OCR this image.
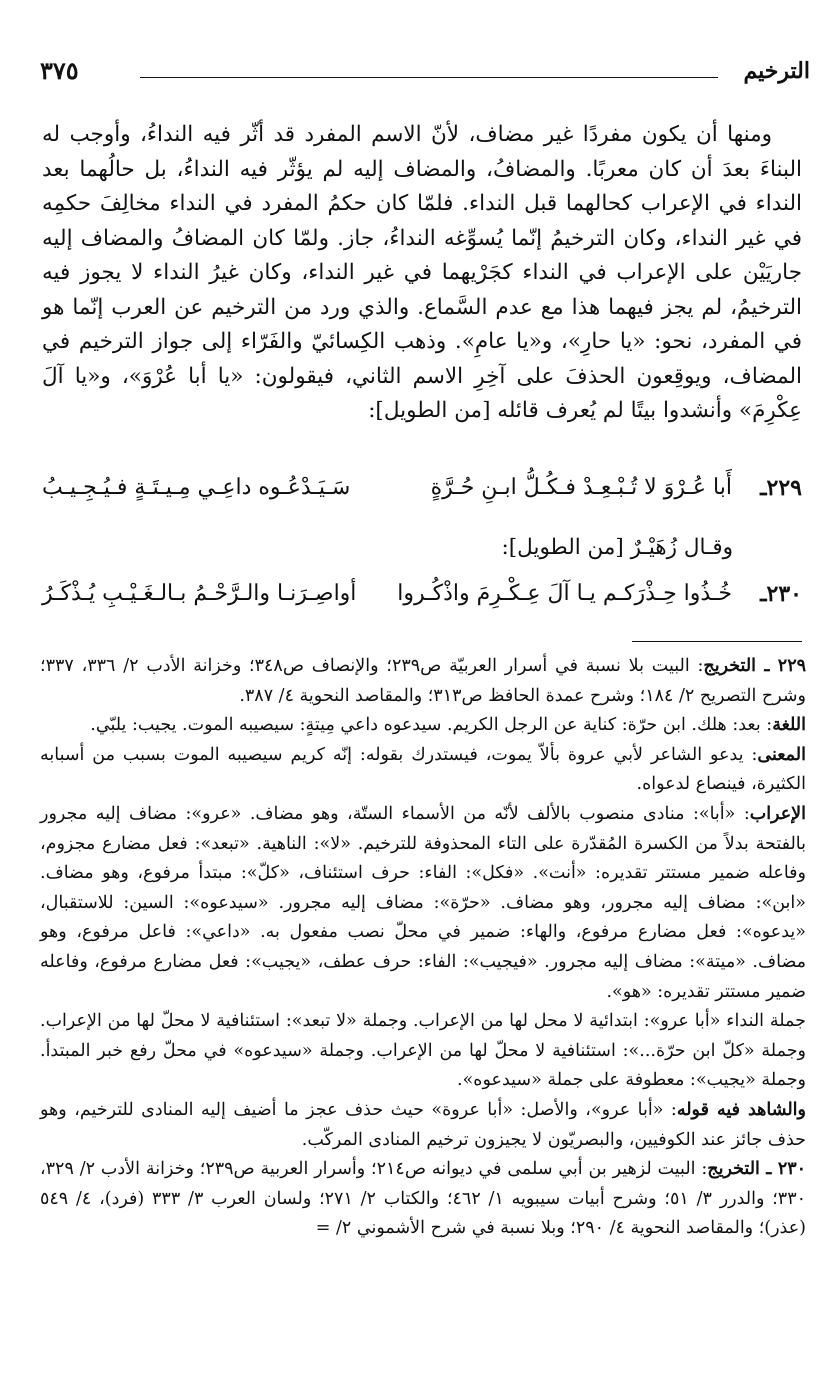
الترخيم
٣٧٥

ومنها أن يكون مفردًا غير مضاف، لأنّ الاسم المفرد قد أثّر فيه النداءُ، وأوجب له البناءَ بعدَ أن كان معربًا. والمضافُ، والمضاف إليه لم يؤثّر فيه النداءُ، بل حالُهما بعد النداء في الإعراب كحالهما قبل النداء. فلمّا كان حكمُ المفرد في النداء مخالِفَ حكمِه في غير النداء، وكان الترخيمُ إنّما يُسوِّغه النداءُ، جاز. ولمّا كان المضافُ والمضاف إليه جاريَيْن على الإعراب في النداء كجَرْيهما في غير النداء، وكان غيرُ النداء لا يجوز فيه الترخيمُ، لم يجز فيهما هذا مع عدم السَّماع. والذي ورد من الترخيم عن العرب إنّما هو في المفرد، نحو: «يا حارِ»، و«يا عامِ». وذهب الكِسائيّ والفَرّاء إلى جواز الترخيم في المضاف، ويوقِعون الحذفَ على آخِرِ الاسم الثاني، فيقولون: «يا أبا عُرْوَ»، و«يا آلَ عِكْرِمَ» وأنشدوا بيتًا لم يُعرف قائله [من الطويل]:

٢٢٩ـ
أَبا عُـرْوَ لا تُـبْـعِـدْ فـكُـلُّ ابـنِ حُـرَّةٍ
سَـيَـدْعُـوه داعِـي مِـيـتَـةٍ فـيُـجِـيـبُ
وقـال زُهَيْـرٌ [من الطويل]:
٢٣٠ـ
خُـذُوا حِـذْرَكـم يـا آلَ عِـكْـرِمَ واذْكُـروا
أواصِـرَنـا والـرَّحْـمُ بـالـغَـيْـبِ يُـذْكَـرُ

٢٢٩ ـ التخريج: البيت بلا نسبة في أسرار العربيّة ص٢٣٩؛ والإنصاف ص٣٤٨؛ وخزانة الأدب ٢/ ٣٣٦، ٣٣٧؛ وشرح التصريح ٢/ ١٨٤؛ وشرح عمدة الحافظ ص٣١٣؛ والمقاصد النحوية ٤/ ٣٨٧.

اللغة: بعد: هلك. ابن حرّة: كناية عن الرجل الكريم. سيدعوه داعي مِيتةٍ: سيصيبه الموت. يجيب: يلبّي.

المعنى: يدعو الشاعر لأبي عروة بألاّ يموت، فيستدرك بقوله: إنّه كريم سيصيبه الموت بسبب من أسبابه الكثيرة، فينصاع لدعواه.

الإعراب: «أبا»: منادى منصوب بالألف لأنّه من الأسماء الستّة، وهو مضاف. «عرو»: مضاف إليه مجرور بالفتحة بدلاً من الكسرة المُقدّرة على التاء المحذوفة للترخيم. «لا»: الناهية. «تبعد»: فعل مضارع مجزوم، وفاعله ضمير مستتر تقديره: «أنت». «فكل»: الفاء: حرف استئناف، «كلّ»: مبتدأ مرفوع، وهو مضاف. «ابن»: مضاف إليه مجرور، وهو مضاف. «حرّة»: مضاف إليه مجرور. «سيدعوه»: السين: للاستقبال، «يدعوه»: فعل مضارع مرفوع، والهاء: ضمير في محلّ نصب مفعول به. «داعي»: فاعل مرفوع، وهو مضاف. «ميتة»: مضاف إليه مجرور. «فيجيب»: الفاء: حرف عطف، «يجيب»: فعل مضارع مرفوع، وفاعله ضمير مستتر تقديره: «هو».

جملة النداء «أبا عرو»: ابتدائية لا محل لها من الإعراب. وجملة «لا تبعد»: استئنافية لا محلّ لها من الإعراب. وجملة «كلّ ابن حرّة...»: استئنافية لا محلّ لها من الإعراب. وجملة «سيدعوه» في محلّ رفع خبر المبتدأ. وجملة «يجيب»: معطوفة على جملة «سيدعوه».

والشاهد فيه قوله: «أبا عرو»، والأصل: «أبا عروة» حيث حذف عجز ما أضيف إليه المنادى للترخيم، وهو حذف جائز عند الكوفيين، والبصريّون لا يجيزون ترخيم المنادى المركّب.

٢٣٠ ـ التخريج: البيت لزهير بن أبي سلمى في ديوانه ص٢١٤؛ وأسرار العربية ص٢٣٩؛ وخزانة الأدب ٢/ ٣٢٩، ٣٣٠؛ والدرر ٣/ ٥١؛ وشرح أبيات سيبويه ١/ ٤٦٢؛ والكتاب ٢/ ٢٧١؛ ولسان العرب ٣/ ٣٣٣ (فرد)، ٤/ ٥٤٩ (عذر)؛ والمقاصد النحوية ٤/ ٢٩٠؛ وبلا نسبة في شرح الأشموني ٢/ =
